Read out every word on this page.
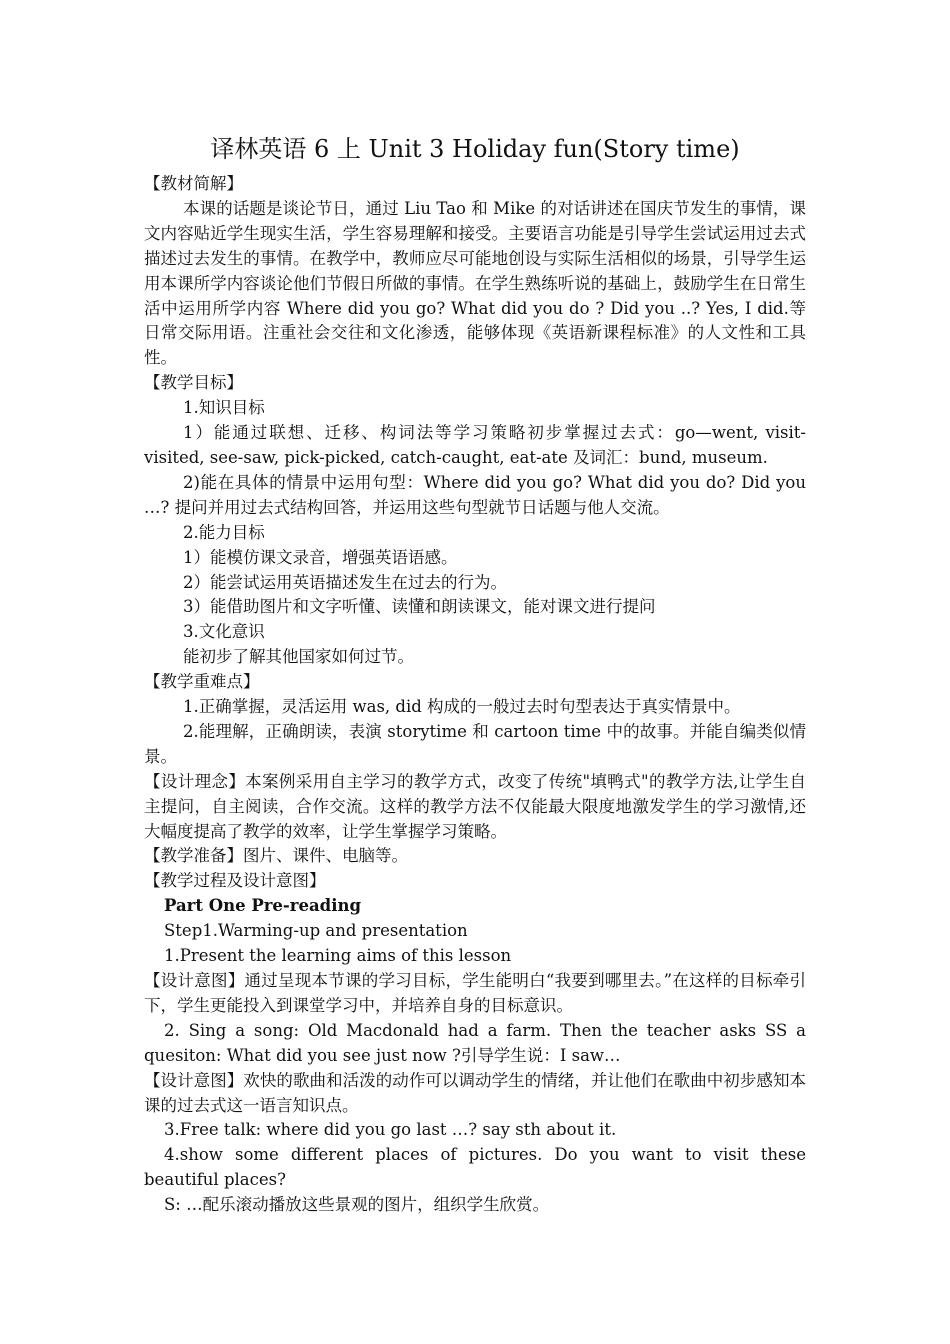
译林英语 6 上 Unit 3 Holiday fun(Story time)

【教材简解】

本课的话题是谈论节日，通过 Liu Tao 和 Mike 的对话讲述在国庆节发生的事情，课文内容贴近学生现实生活，学生容易理解和接受。主要语言功能是引导学生尝试运用过去式描述过去发生的事情。在教学中，教师应尽可能地创设与实际生活相似的场景，引导学生运用本课所学内容谈论他们节假日所做的事情。在学生熟练听说的基础上，鼓励学生在日常生活中运用所学内容 Where did you go? What did you do ? Did you ..? Yes, I did.等日常交际用语。注重社会交往和文化渗透，能够体现《英语新课程标准》的人文性和工具性。

【教学目标】

1.知识目标

1）能通过联想、迁移、构词法等学习策略初步掌握过去式：go—went, visit-visited, see-saw, pick-picked, catch-caught, eat-ate 及词汇：bund, museum.

2)能在具体的情景中运用句型：Where did you go? What did you do? Did you …? 提问并用过去式结构回答，并运用这些句型就节日话题与他人交流。

2.能力目标

1）能模仿课文录音，增强英语语感。

2）能尝试运用英语描述发生在过去的行为。

3）能借助图片和文字听懂、读懂和朗读课文，能对课文进行提问

3.文化意识

能初步了解其他国家如何过节。

【教学重难点】

1.正确掌握，灵活运用 was, did 构成的一般过去时句型表达于真实情景中。

2.能理解，正确朗读，表演 storytime 和 cartoon time 中的故事。并能自编类似情景。

【设计理念】本案例采用自主学习的教学方式，改变了传统"填鸭式"的教学方法,让学生自主提问，自主阅读，合作交流。这样的教学方法不仅能最大限度地激发学生的学习激情,还大幅度提高了教学的效率，让学生掌握学习策略。

【教学准备】图片、课件、电脑等。

【教学过程及设计意图】

Part One Pre-reading

Step1.Warming-up and presentation

1.Present the learning aims of this lesson

【设计意图】通过呈现本节课的学习目标，学生能明白“我要到哪里去。”在这样的目标牵引下，学生更能投入到课堂学习中，并培养自身的目标意识。

2. Sing a song: Old Macdonald had a farm. Then the teacher asks SS a quesiton: What did you see just now ?引导学生说：I saw…

【设计意图】欢快的歌曲和活泼的动作可以调动学生的情绪，并让他们在歌曲中初步感知本课的过去式这一语言知识点。

3.Free talk: where did you go last …? say sth about it.

4.show some different places of pictures. Do you want to visit these beautiful places?

S: …配乐滚动播放这些景观的图片，组织学生欣赏。
